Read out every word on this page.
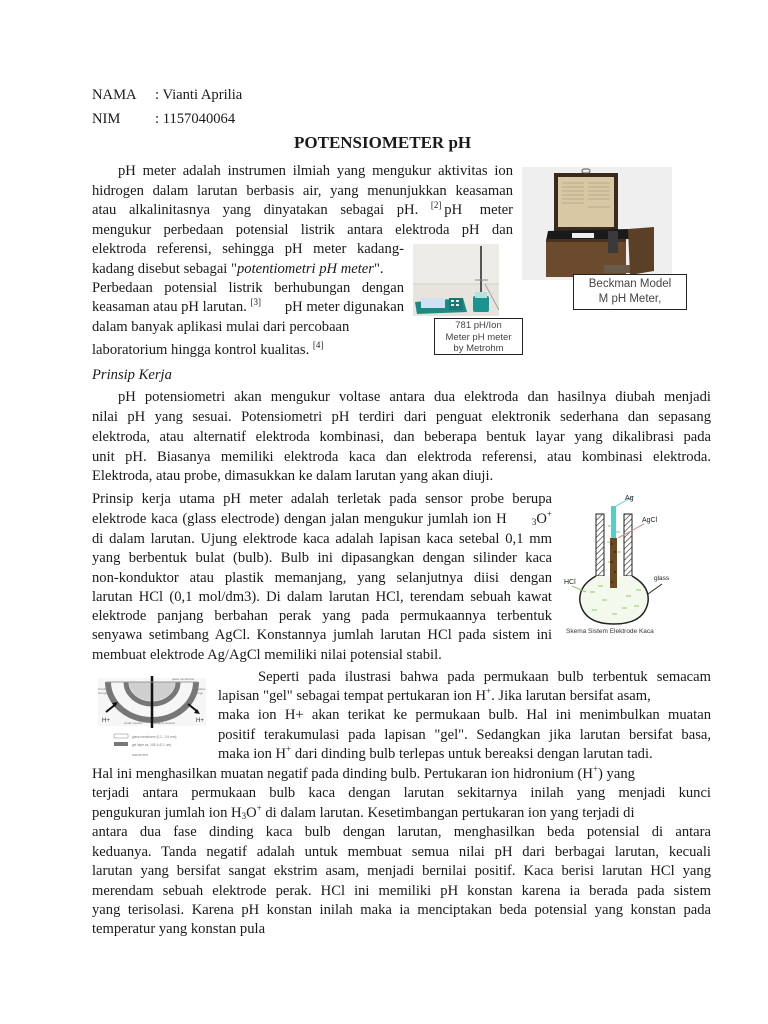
NAMA : Vianti Aprilia
NIM : 1157040064
POTENSIOMETER pH
pH meter adalah instrumen ilmiah yang mengukur aktivitas ion
hidrogen dalam larutan berbasis air, yang menunjukkan keasaman
atau alkalinitasnya yang dinyatakan sebagai pH. [2] pH meter
mengukur perbedaan potensial listrik antara elektroda pH dan
elektroda referensi, sehingga pH meter kadang-
kadang disebut sebagai "potentiometri pH meter".
Perbedaan potensial listrik berhubungan dengan
keasaman atau pH larutan. [3] pH meter digunakan
dalam banyak aplikasi mulai dari percobaan
laboratorium hingga kontrol kualitas. [4]
Beckman Model
M pH Meter,
781 pH/Ion
Meter pH meter
by Metrohm
Prinsip Kerja
pH potensiometri akan mengukur voltase antara dua elektroda dan hasilnya diubah menjadi
nilai pH yang sesuai. Potensiometri pH terdiri dari penguat elektronik sederhana dan sepasang
elektroda, atau alternatif elektroda kombinasi, dan beberapa bentuk layar yang dikalibrasi pada
unit pH. Biasanya memiliki elektroda kaca dan elektroda referensi, atau kombinasi elektroda.
Elektroda, atau probe, dimasukkan ke dalam larutan yang akan diuji.
Prinsip kerja utama pH meter adalah terletak pada sensor probe berupa
elektrode kaca (glass electrode) dengan jalan mengukur jumlah ion H	$_3$O+
di dalam larutan. Ujung elektrode kaca adalah lapisan kaca setebal 0,1 mm
yang berbentuk bulat (bulb). Bulb ini dipasangkan dengan silinder kaca
non-konduktor atau plastik memanjang, yang selanjutnya diisi dengan
larutan HCl (0,1 mol/dm3). Di dalam larutan HCl, terendam sebuah kawat
elektrode panjang berbahan perak yang pada permukaannya terbentuk
senyawa setimbang AgCl. Konstannya jumlah larutan HCl pada sistem ini
membuat elektrode Ag/AgCl memiliki nilai potensial stabil.
Ag
AgCl
HCl
glass
Skema Sistem Elektrode Kaca
H+	H+
Positive
charge
negative
charge
acidic solution	alkaline solution
glass membrane
glass membrane (0.2 - 0.5 mm)
gel layer ca. 10E-4 (0.1 um)
source text
Seperti pada ilustrasi bahwa pada permukaan bulb terbentuk semacam
lapisan "gel" sebagai tempat pertukaran ion H+. Jika larutan bersifat asam,
maka ion H+ akan terikat ke permukaan bulb. Hal ini menimbulkan muatan
positif terakumulasi pada lapisan "gel". Sedangkan jika larutan bersifat basa,
maka ion H+ dari dinding bulb terlepas untuk bereaksi dengan larutan tadi.
Hal ini menghasilkan muatan negatif pada dinding bulb. Pertukaran ion hidronium (H+) yang
terjadi antara permukaan bulb kaca dengan larutan sekitarnya inilah yang menjadi kunci
pengukuran jumlah ion $H_3O^+$ di dalam larutan. Kesetimbangan pertukaran ion yang terjadi di
antara dua fase dinding kaca bulb dengan larutan, menghasilkan beda potensial di antara
keduanya. Tanda negatif adalah untuk membuat semua nilai pH dari berbagai larutan, kecuali
larutan yang bersifat sangat ekstrim asam, menjadi bernilai positif. Kaca berisi larutan HCl yang
merendam sebuah elektrode perak. HCl ini memiliki pH konstan karena ia berada pada sistem
yang terisolasi. Karena pH konstan inilah maka ia menciptakan beda potensial yang konstan pada
temperatur yang konstan pula
